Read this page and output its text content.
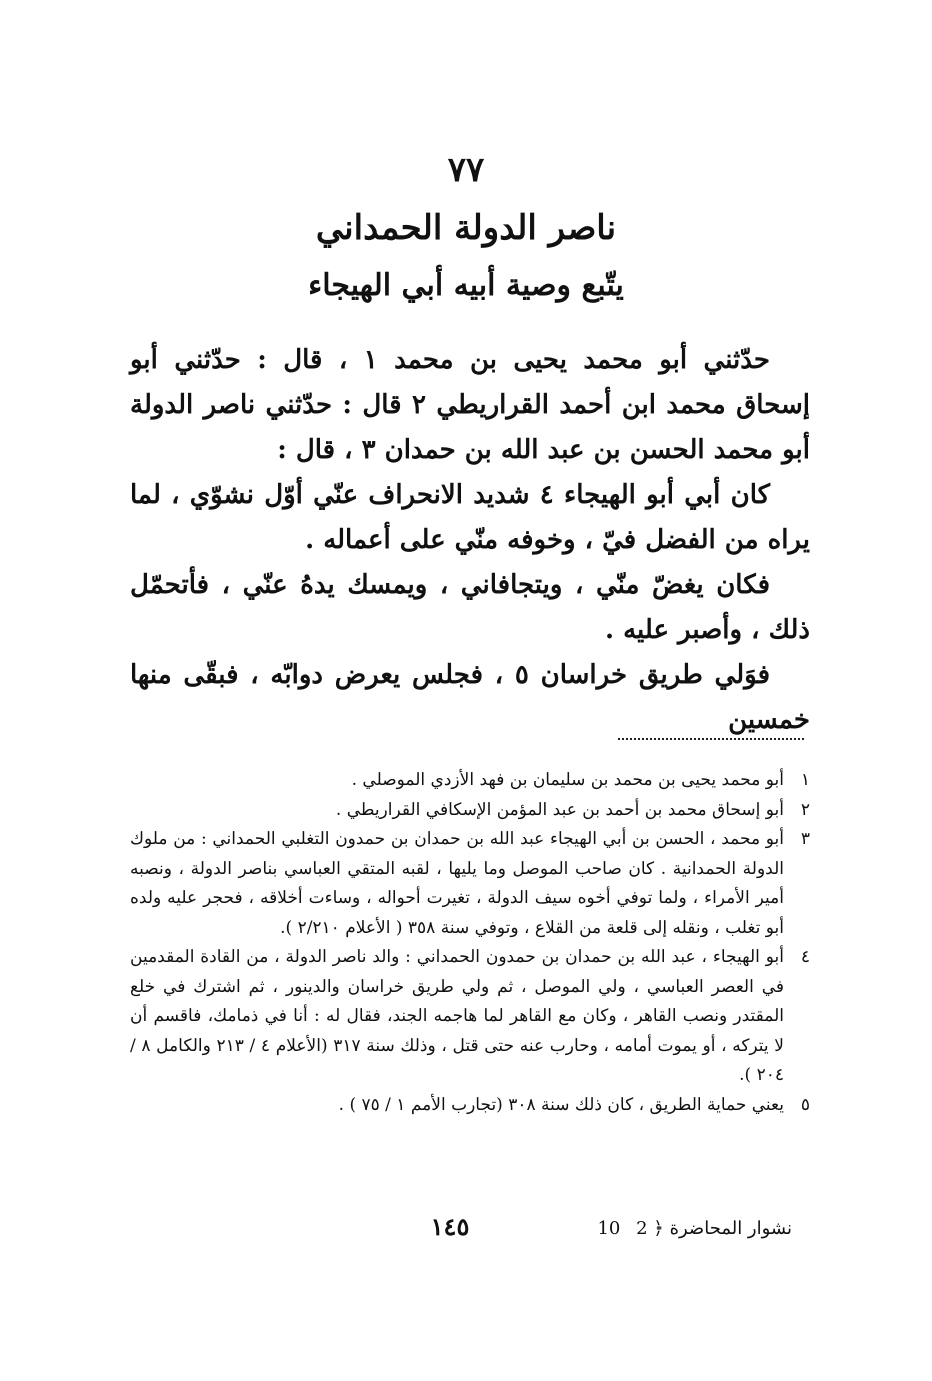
٧٧
ناصر الدولة الحمداني
يتّبع وصية أبيه أبي الهيجاء

حدّثني أبو محمد يحيى بن محمد ١ ، قال : حدّثني أبو إسحاق محمد ابن أحمد القراريطي ٢ قال : حدّثني ناصر الدولة أبو محمد الحسن بن عبد الله بن حمدان ٣ ، قال :

كان أبي أبو الهيجاء ٤ شديد الانحراف عنّي أوّل نشوّي ، لما يراه من الفضل فيّ ، وخوفه منّي على أعماله .

فكان يغضّ منّي ، ويتجافاني ، ويمسك يدهُ عنّي ، فأتحمّل ذلك ، وأصبر عليه .

فوَلي طريق خراسان ٥ ، فجلس يعرض دوابّه ، فبقّى منها خمسين

١
أبو محمد يحيى بن محمد بن سليمان بن فهد الأزدي الموصلي .
٢
أبو إسحاق محمد بن أحمد بن عبد المؤمن الإسكافي القراريطي .
٣
أبو محمد ، الحسن بن أبي الهيجاء عبد الله بن حمدان بن حمدون التغلبي الحمداني : من ملوك الدولة الحمدانية . كان صاحب الموصل وما يليها ، لقبه المتقي العباسي بناصر الدولة ، ونصبه أمير الأمراء ، ولما توفي أخوه سيف الدولة ، تغيرت أحواله ، وساءت أخلاقه ، فحجر عليه ولده أبو تغلب ، ونقله إلى قلعة من القلاع ، وتوفي سنة ٣٥٨ ( الأعلام ٢/٢١٠ ).
٤
أبو الهيجاء ، عبد الله بن حمدان بن حمدون الحمداني : والد ناصر الدولة ، من القادة المقدمين في العصر العباسي ، ولي الموصل ، ثم ولي طريق خراسان والدينور ، ثم اشترك في خلع المقتدر ونصب القاهر ، وكان مع القاهر لما هاجمه الجند، فقال له : أنا في ذمامك، فاقسم أن لا يتركه ، أو يموت أمامه ، وحارب عنه حتى قتل ، وذلك سنة ٣١٧ (الأعلام ٤ / ٢١٣ والكامل ٨ / ٢٠٤ ).
٥
يعني حماية الطريق ، كان ذلك سنة ٣٠٨ (تجارب الأمم ١ / ٧٥ ) .
١٤٥	10 نشوار المحاضرة ﴿ 2
